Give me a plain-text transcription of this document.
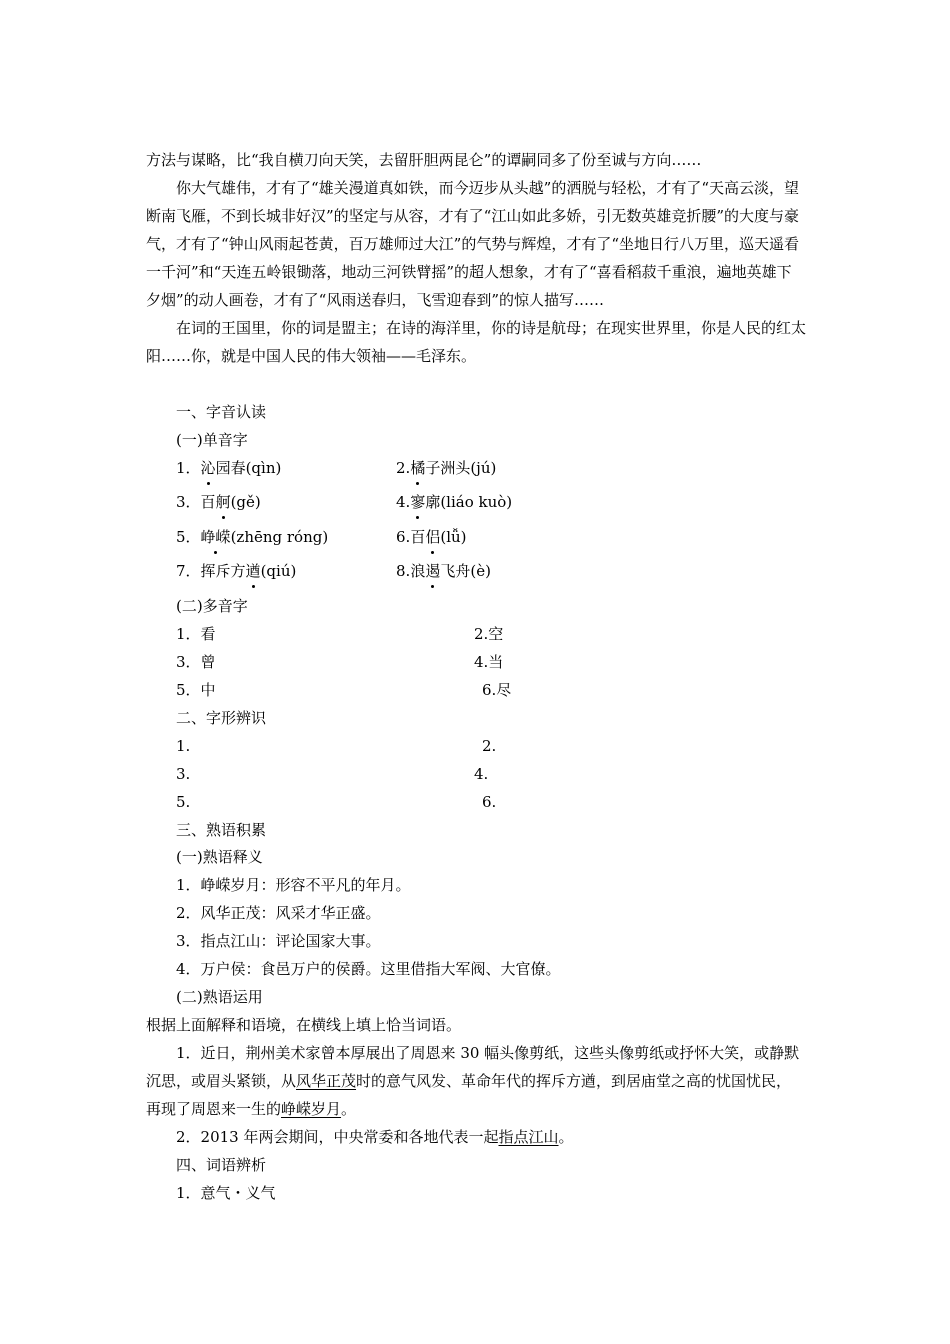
方法与谋略，比“我自横刀向天笑，去留肝胆两昆仑”的谭嗣同多了份至诚与方向……

你大气雄伟，才有了“雄关漫道真如铁，而今迈步从头越”的洒脱与轻松，才有了“天高云淡，望断南飞雁，不到长城非好汉”的坚定与从容，才有了“江山如此多娇，引无数英雄竞折腰”的大度与豪气，才有了“钟山风雨起苍黄，百万雄师过大江”的气势与辉煌，才有了“坐地日行八万里，巡天遥看一千河”和“天连五岭银锄落，地动三河铁臂摇”的超人想象，才有了“喜看稻菽千重浪，遍地英雄下夕烟”的动人画卷，才有了“风雨送春归，飞雪迎春到”的惊人描写……

在词的王国里，你的词是盟主；在诗的海洋里，你的诗是航母；在现实世界里，你是人民的红太阳……你，就是中国人民的伟大领袖——毛泽东。

一、字音认读
(一)单音字
1．沁园春(qìn)	2.橘子洲头(jú)
3．百舸(gě)	4.寥廓(liáo kuò)
5．峥嵘(zhēng róng)	6.百侣(lǚ)
7．挥斥方遒(qiú)	8.浪遏飞舟(è)
(二)多音字
1．看	2.空
3．曾	4.当
5．中	6.尽
二、字形辨识
1.	2.
3.	4.
5.	6.
三、熟语积累
(一)熟语释义
1．峥嵘岁月：形容不平凡的年月。
2．风华正茂：风采才华正盛。
3．指点江山：评论国家大事。
4．万户侯：食邑万户的侯爵。这里借指大军阀、大官僚。
(二)熟语运用
根据上面解释和语境，在横线上填上恰当词语。

1．近日，荆州美术家曾本厚展出了周恩来 30 幅头像剪纸，这些头像剪纸或抒怀大笑，或静默沉思，或眉头紧锁，从风华正茂时的意气风发、革命年代的挥斥方遒，到居庙堂之高的忧国忧民，再现了周恩来一生的峥嵘岁月。

2．2013 年两会期间，中央常委和各地代表一起指点江山。
四、词语辨析
1．意气・义气
